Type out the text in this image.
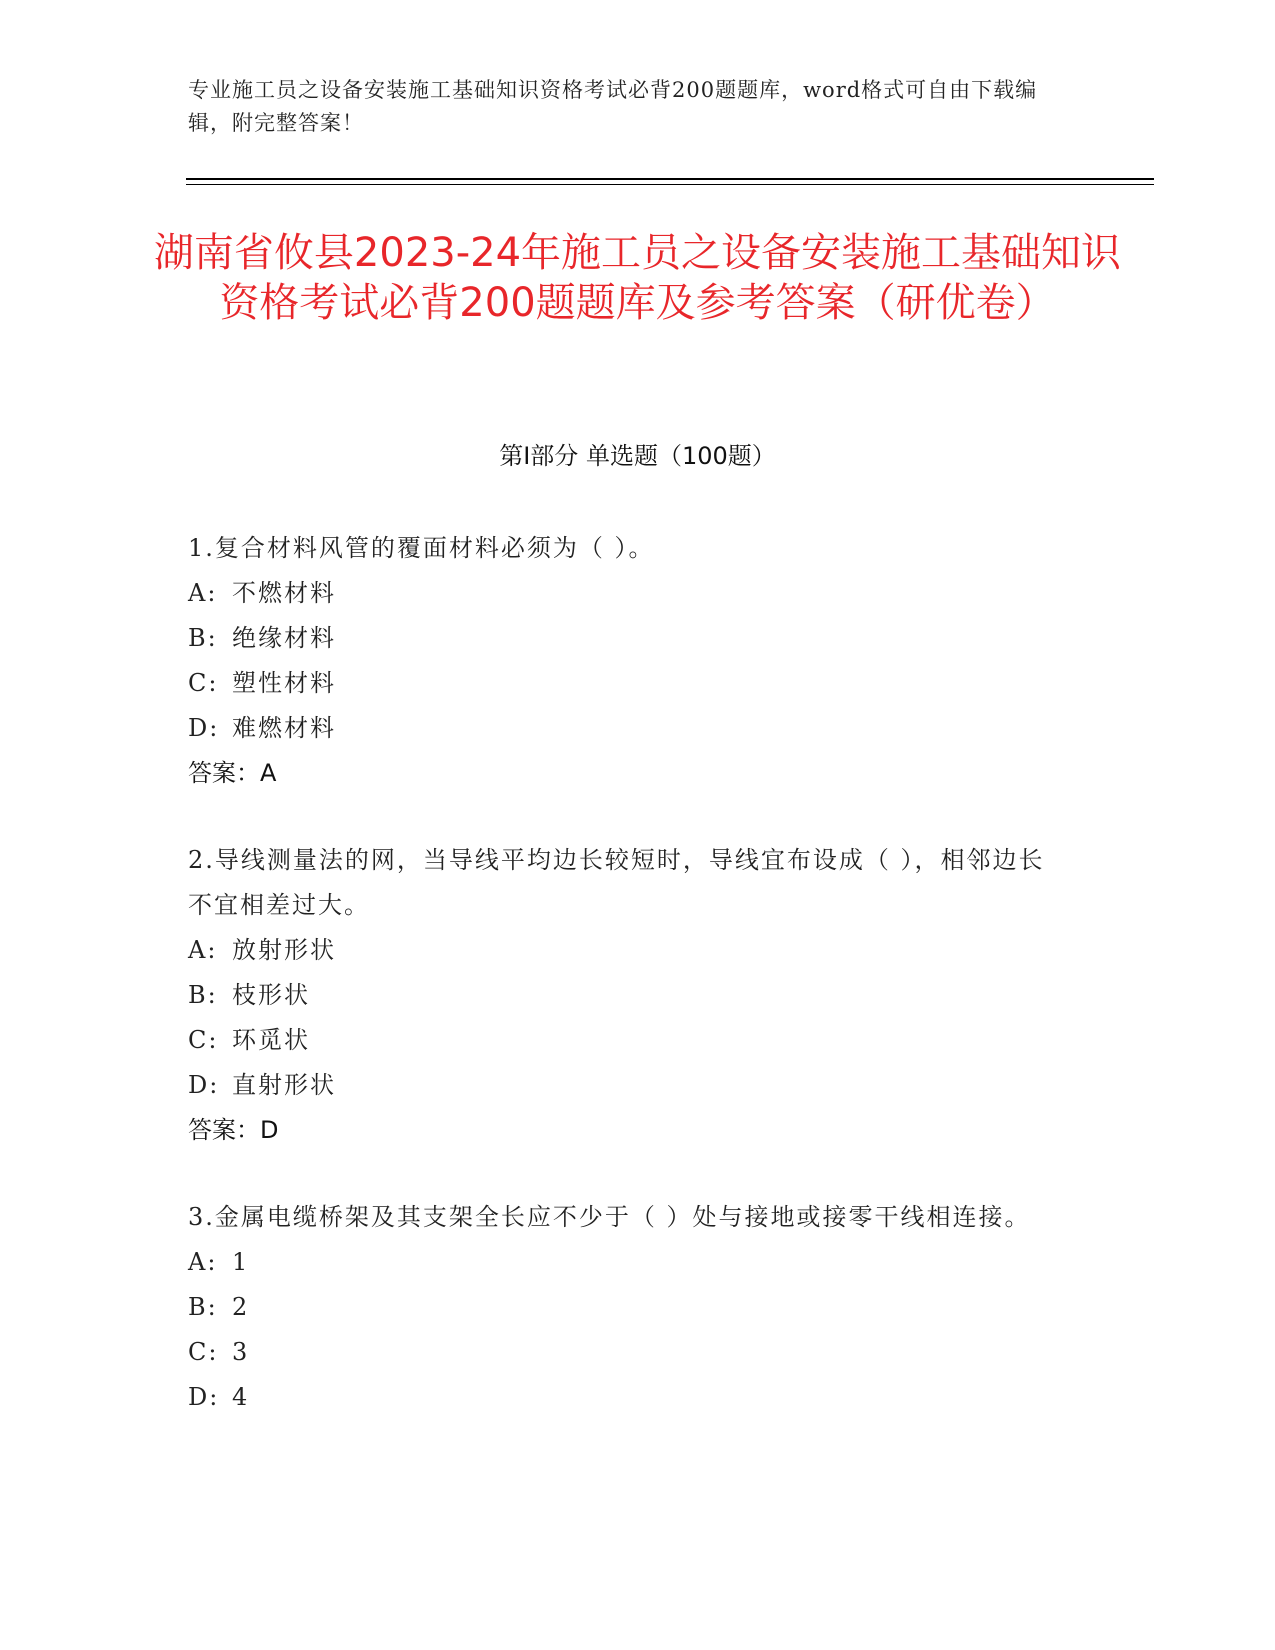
专业施工员之设备安装施工基础知识资格考试必背200题题库，word格式可自由下载编辑，附完整答案！
湖南省攸县2023-24年施工员之设备安装施工基础知识资格考试必背200题题库及参考答案（研优卷）
第I部分 单选题（100题）
1.复合材料风管的覆面材料必须为（ ）。
A: 不燃材料
B: 绝缘材料
C: 塑性材料
D: 难燃材料
答案：A
2.导线测量法的网，当导线平均边长较短时，导线宜布设成（ ），相邻边长不宜相差过大。
A: 放射形状
B: 枝形状
C: 环觅状
D: 直射形状
答案：D
3.金属电缆桥架及其支架全长应不少于（ ）处与接地或接零干线相连接。
A: 1
B: 2
C: 3
D: 4
